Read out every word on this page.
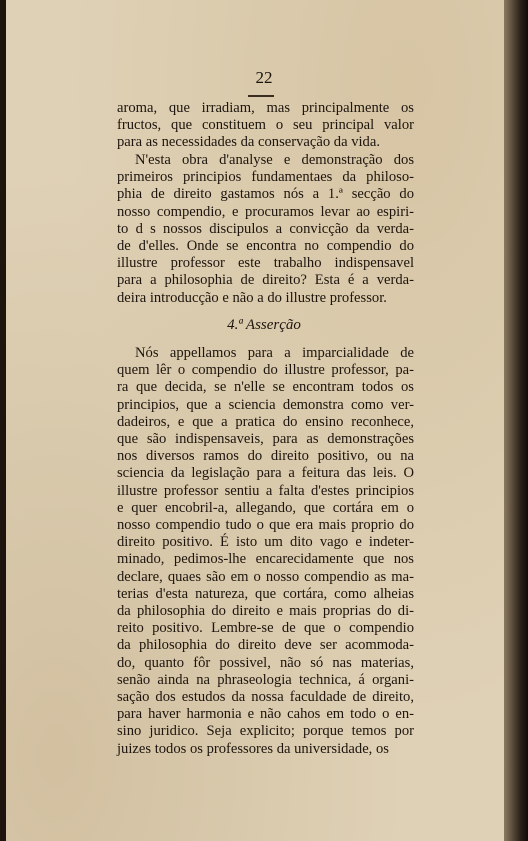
22
aroma, que irradiam, mas principalmente os
fructos, que constituem o seu principal valor
para as necessidades da conservação da vida.
N'esta obra d'analyse e demonstração dos
primeiros principios fundamentaes da philoso-
phia de direito gastamos nós a 1.ª secção do
nosso compendio, e procuramos levar ao espiri-
to d s nossos discipulos a convicção da verda-
de d'elles. Onde se encontra no compendio do
illustre professor este trabalho indispensavel
para a philosophia de direito? Esta é a verda-
deira introducção e não a do illustre professor.
4.ª Asserção
Nós appellamos para a imparcialidade de
quem lêr o compendio do illustre professor, pa-
ra que decida, se n'elle se encontram todos os
principios, que a sciencia demonstra como ver-
dadeiros, e que a pratica do ensino reconhece,
que são indispensaveis, para as demonstrações
nos diversos ramos do direito positivo, ou na
sciencia da legislação para a feitura das leis. O
illustre professor sentiu a falta d'estes principios
e quer encobril-a, allegando, que cortára em o
nosso compendio tudo o que era mais proprio do
direito positivo. É isto um dito vago e indeter-
minado, pedimos-lhe encarecidamente que nos
declare, quaes são em o nosso compendio as ma-
terias d'esta natureza, que cortára, como alheias
da philosophia do direito e mais proprias do di-
reito positivo. Lembre-se de que o compendio
da philosophia do direito deve ser acommoda-
do, quanto fôr possivel, não só nas materias,
senão ainda na phraseologia technica, á organi-
sação dos estudos da nossa faculdade de direito,
para haver harmonia e não cahos em todo o en-
sino juridico. Seja explicito; porque temos por
juizes todos os professores da universidade, os
